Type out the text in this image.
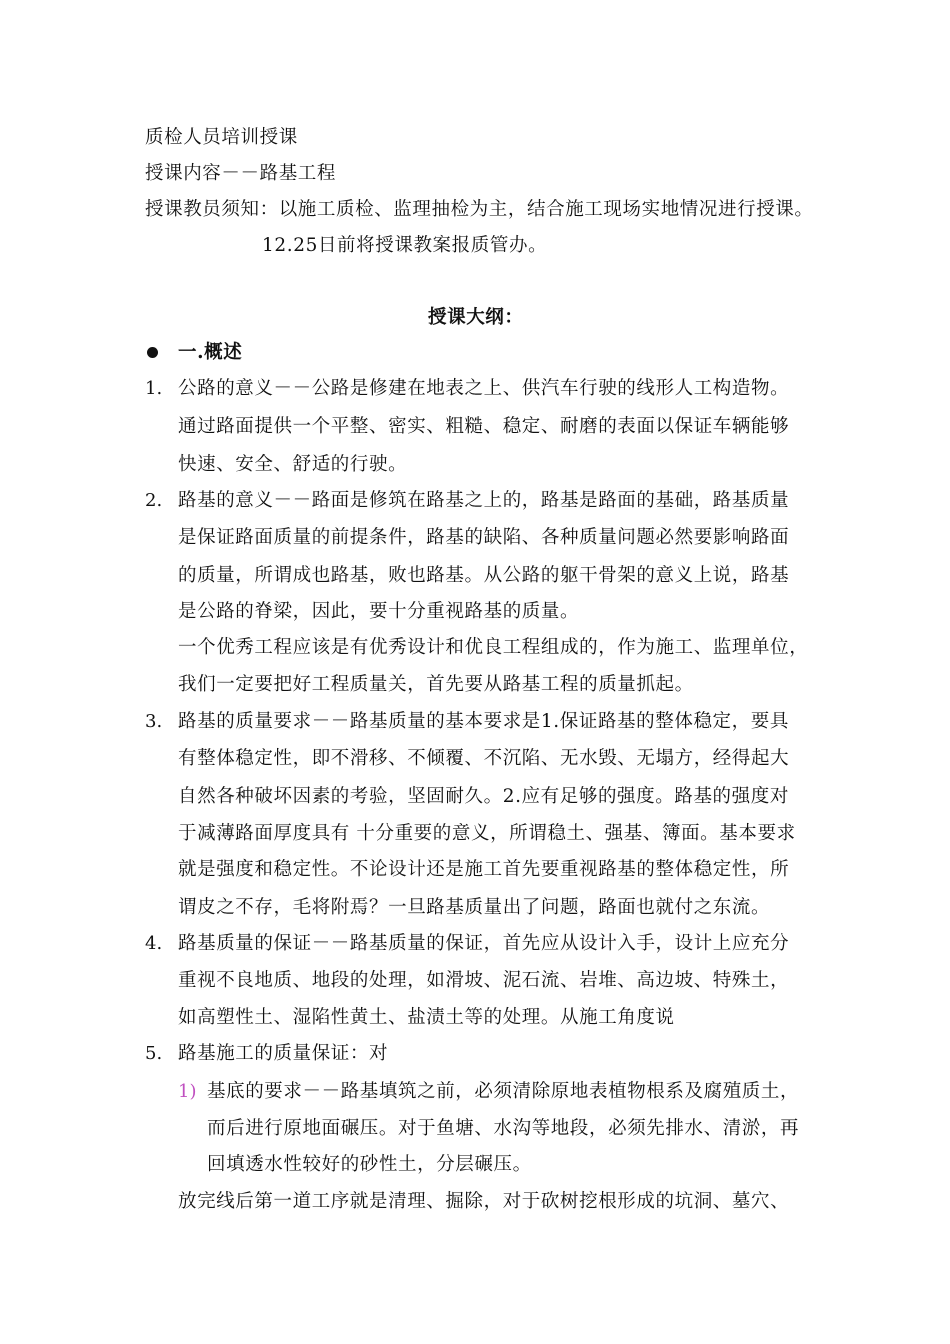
质检人员培训授课
授课内容－－路基工程
授课教员须知：以施工质检、监理抽检为主，结合施工现场实地情况进行授课。
12.25日前将授课教案报质管办。
授课大纲：
一.概述
1. 公路的意义－－公路是修建在地表之上、供汽车行驶的线形人工构造物。
通过路面提供一个平整、密实、粗糙、稳定、耐磨的表面以保证车辆能够
快速、安全、舒适的行驶。
2. 路基的意义－－路面是修筑在路基之上的，路基是路面的基础，路基质量
是保证路面质量的前提条件，路基的缺陷、各种质量问题必然要影响路面
的质量，所谓成也路基，败也路基。从公路的躯干骨架的意义上说，路基
是公路的脊梁，因此，要十分重视路基的质量。
一个优秀工程应该是有优秀设计和优良工程组成的，作为施工、监理单位，
我们一定要把好工程质量关，首先要从路基工程的质量抓起。
3. 路基的质量要求－－路基质量的基本要求是1.保证路基的整体稳定，要具
有整体稳定性，即不滑移、不倾覆、不沉陷、无水毁、无塌方，经得起大
自然各种破坏因素的考验，坚固耐久。2.应有足够的强度。路基的强度对
于减薄路面厚度具有 十分重要的意义，所谓稳土、强基、簿面。基本要求
就是强度和稳定性。不论设计还是施工首先要重视路基的整体稳定性，所
谓皮之不存，毛将附焉？一旦路基质量出了问题，路面也就付之东流。
4. 路基质量的保证－－路基质量的保证，首先应从设计入手，设计上应充分
重视不良地质、地段的处理，如滑坡、泥石流、岩堆、高边坡、特殊土，
如高塑性土、湿陷性黄土、盐渍土等的处理。从施工角度说
5. 路基施工的质量保证：对
1) 基底的要求－－路基填筑之前，必须清除原地表植物根系及腐殖质土，
而后进行原地面碾压。对于鱼塘、水沟等地段，必须先排水、清淤，再
回填透水性较好的砂性土，分层碾压。
放完线后第一道工序就是清理、掘除，对于砍树挖根形成的坑洞、墓穴、
